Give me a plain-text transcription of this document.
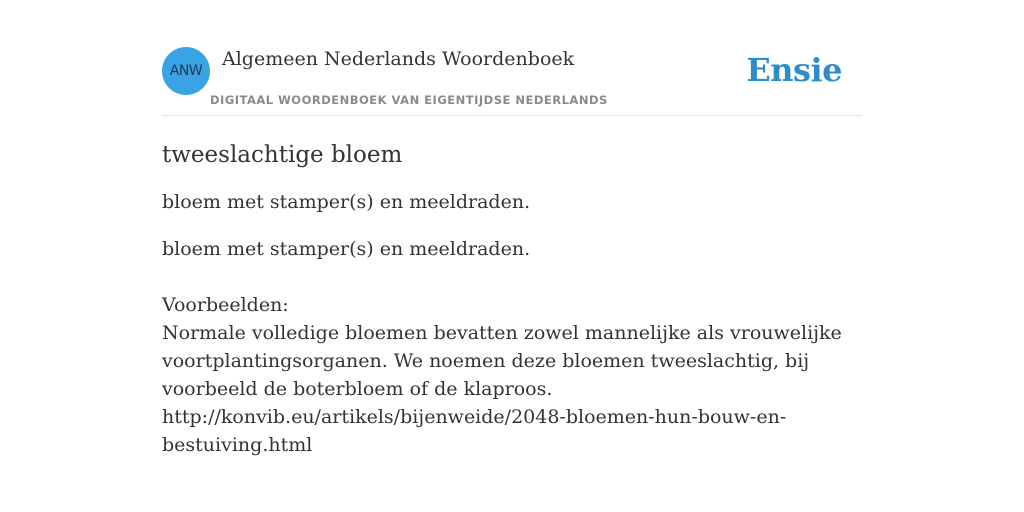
ANW
Algemeen Nederlands Woordenboek
DIGITAAL WOORDENBOEK VAN EIGENTIJDSE NEDERLANDS
Ensie
tweeslachtige bloem

bloem met stamper(s) en meeldraden.

bloem met stamper(s) en meeldraden.

Voorbeelden:
Normale volledige bloemen bevatten zowel mannelijke als vrouwelijke voortplantingsorganen. We noemen deze bloemen tweeslachtig, bij voorbeeld de boterbloem of de klaproos.
http://konvib.eu/artikels/bijenweide/2048-bloemen-hun-bouw-en-bestuiving.html
